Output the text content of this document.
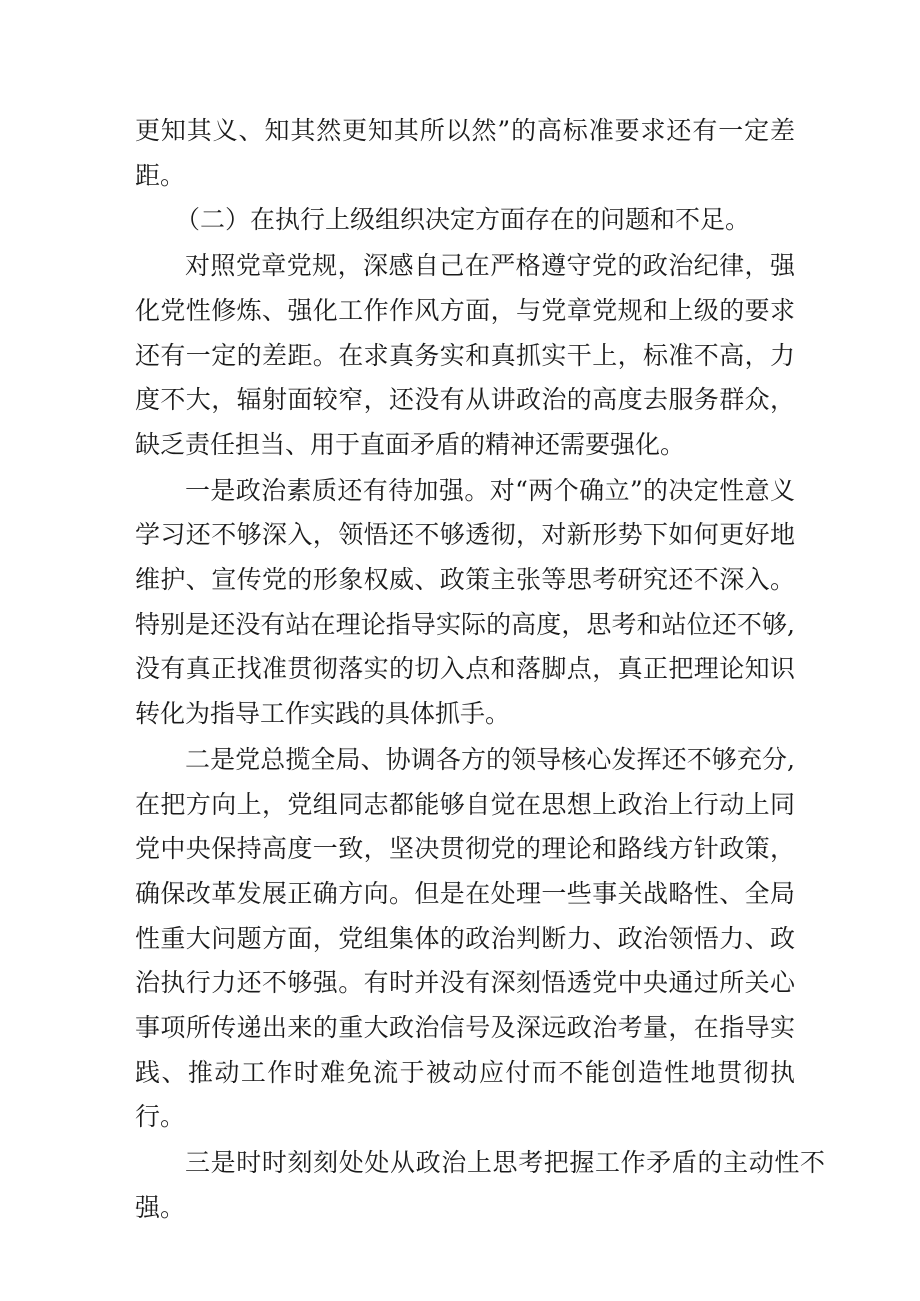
更知其义、知其然更知其所以然”的高标准要求还有一定差距。

（二）在执行上级组织决定方面存在的问题和不足。

对照党章党规，深感自己在严格遵守党的政治纪律，强化党性修炼、强化工作作风方面，与党章党规和上级的要求还有一定的差距。在求真务实和真抓实干上，标准不高，力度不大，辐射面较窄，还没有从讲政治的高度去服务群众，缺乏责任担当、用于直面矛盾的精神还需要强化。

一是政治素质还有待加强。对“两个确立”的决定性意义学习还不够深入，领悟还不够透彻，对新形势下如何更好地维护、宣传党的形象权威、政策主张等思考研究还不深入。特别是还没有站在理论指导实际的高度，思考和站位还不够,没有真正找准贯彻落实的切入点和落脚点，真正把理论知识转化为指导工作实践的具体抓手。

二是党总揽全局、协调各方的领导核心发挥还不够充分,在把方向上，党组同志都能够自觉在思想上政治上行动上同党中央保持高度一致，坚决贯彻党的理论和路线方针政策，确保改革发展正确方向。但是在处理一些事关战略性、全局性重大问题方面，党组集体的政治判断力、政治领悟力、政治执行力还不够强。有时并没有深刻悟透党中央通过所关心事项所传递出来的重大政治信号及深远政治考量，在指导实践、推动工作时难免流于被动应付而不能创造性地贯彻执行。

三是时时刻刻处处从政治上思考把握工作矛盾的主动性不强。
